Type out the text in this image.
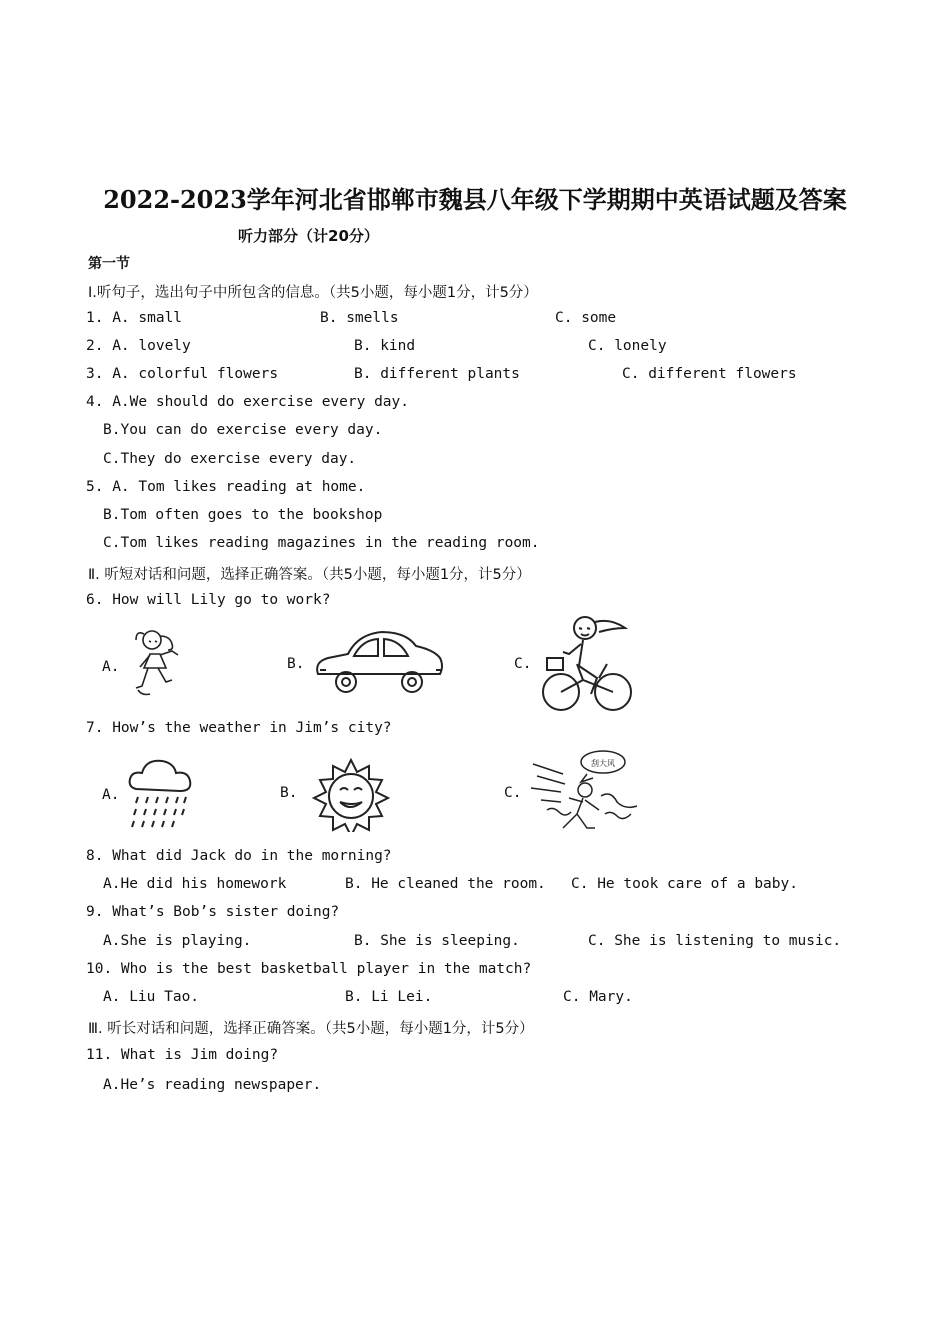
2022-2023学年河北省邯郸市魏县八年级下学期期中英语试题及答案
听力部分（计20分）
第一节
Ⅰ.听句子，选出句子中所包含的信息。（共5小题，每小题1分，计5分）
1. A. small	B. smells	C. some
2. A. lovely	B. kind	C. lonely
3. A. colorful flowers	B. different plants	C. different flowers
4. A.We should do exercise every day.
B.You can do exercise every day.
C.They do exercise every day.
5. A. Tom likes reading at home.
B.Tom often goes to the bookshop
C.Tom likes reading magazines in the reading room.
Ⅱ. 听短对话和问题，选择正确答案。（共5小题，每小题1分，计5分）
6. How will Lily go to work?
A.	B.	C.
7. How’s the weather in Jim’s city?
A.	B.	C.
刮大风
8. What did Jack do in the morning?
A.He did his homework	B. He cleaned the room. C. He took care of a baby.
9. What’s Bob’s sister doing?
A.She is playing.	B. She is sleeping.	C. She is listening to music.
10. Who is the best basketball player in the match?
A. Liu Tao.	B. Li Lei.	C. Mary.
Ⅲ. 听长对话和问题，选择正确答案。（共5小题，每小题1分，计5分）
11. What is Jim doing?
A.He’s reading newspaper.
